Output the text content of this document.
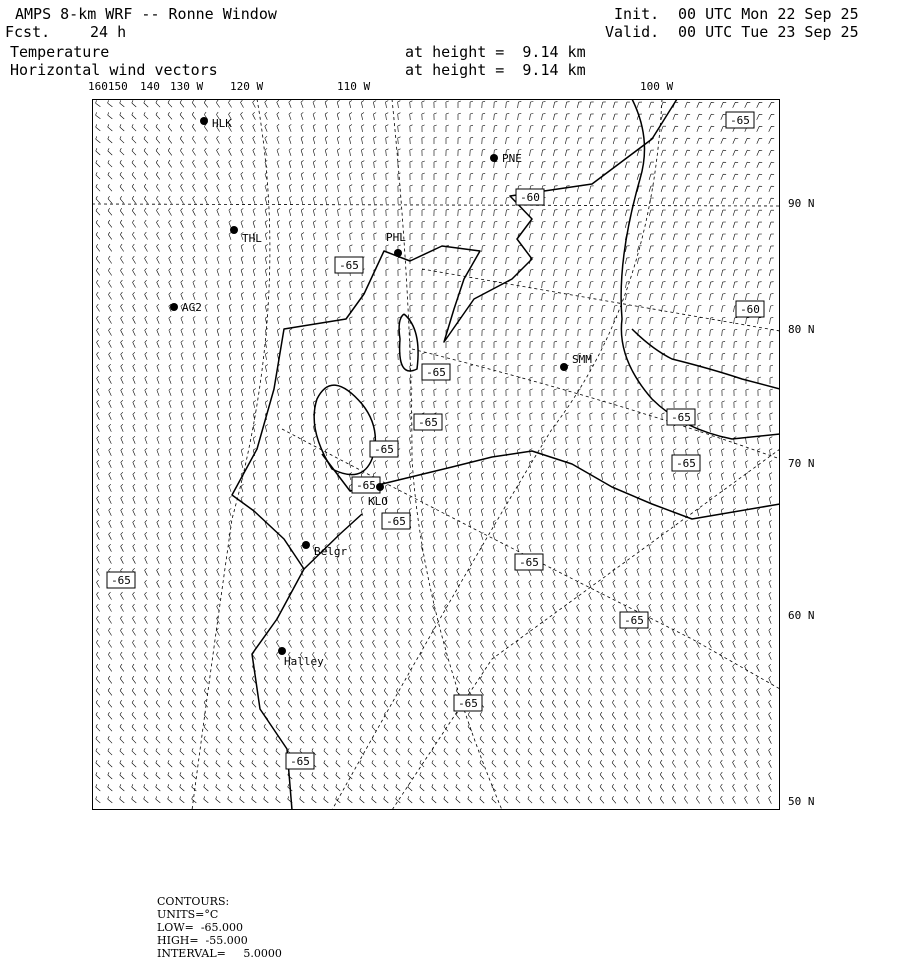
AMPS 8-km WRF -- Ronne Window	Init. 00 UTC Mon 22 Sep 25
Fcst.	24 h	Valid. 00 UTC Tue 23 Sep 25
Temperature	at height =  9.14 km
Horizontal wind vectors	at height =  9.14 km
160150 140 130 W 120 W	110 W	100 W
90 N
80 N
70 N
60 N
50 N
-65
-60
-65
-60
-65
-65
-65
-65
-65
-65
-65
-65
-65
-65
-65
-65
HLK
PNE
THL	PHL
AG2
SMM
KLO
Belgr
Halley

CONTOURS:
UNITS=°C
LOW=  -65.000
HIGH=  -55.000
INTERVAL=     5.0000
